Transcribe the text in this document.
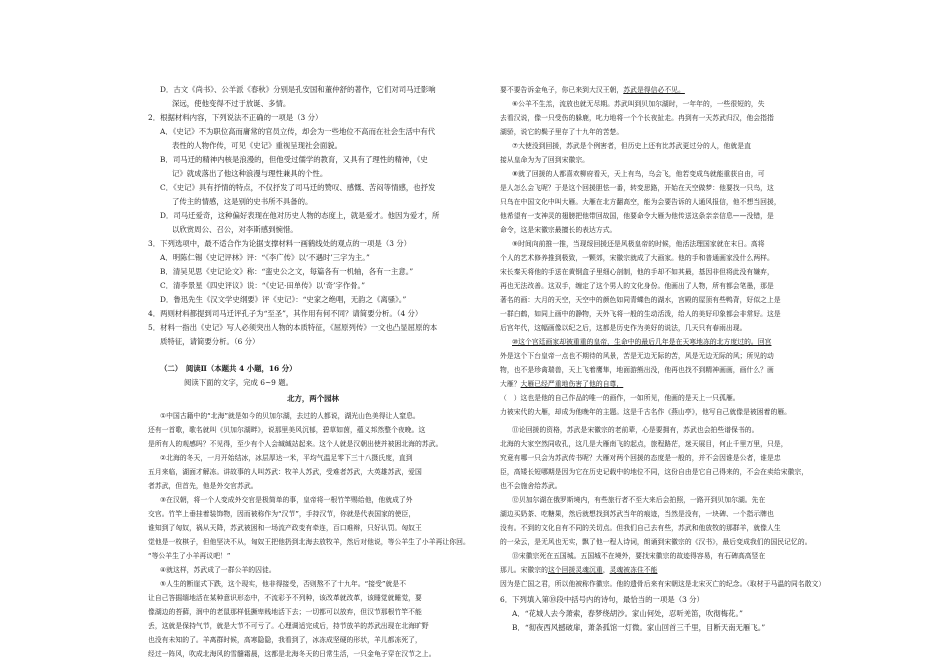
D．古文《尚书》、公羊派《春秋》分别是孔安国和董仲舒的著作，它们对司马迁影响

深远，使他变得不过于放诞、多情。

2．根据材料内容，下列说法不正确的一项是（3 分）

A．《史记》不为职位高而庸常的官员立传，却会为一些地位不高而在社会生活中有代

表性的人物作传，可见《史记》重视呈现社会面貌。

B．司马迁的精神内核是浪漫的，但他受过儒学的教育，又具有了理性的精神，《史

记》就成落出了他这种浪漫与理性兼具的个性。

C．《史记》具有抒情的特点，不仅抒发了司马迁的赞叹、感慨、苦闷等情感，也抒发

了传主的情感，这是别的史书所不具备的。

D．司马迁爱奇，这种偏好表现在他对历史人物的态度上，就是爱才。他因为爱才，所

以欣赏周公、召公，对李斯感到惋惜。

3．下列选项中，最不适合作为论据支撑材料一画鹤线处的观点的一项是（3 分）

A．明陈仁锡《史记评林》评：“《李广传》以‘不遇时’三字为主。”

B．清吴见思《史记论文》称：“蛮史公之文，每篇各有一机轴，各有一主意。”

C．清李景星《四史评议》说：“《史记·田单传》以‘奇’字作骨。”

D．鲁迅先生《汉文学史纲要》评《史记》：“史家之绝唱，无韵之《离骚》。”

4．两则材料都提到司马迁评孔子为“至圣”，其作用有何不同？请简要分析。（4 分）

5．材料一指出《史记》写人必须突出人物的本质特征，《屈原列传》一文也凸显屈原的本

质特征，请简要分析。（6 分）

（二）　阅读Ⅱ（本题共 4 小题，16 分）

阅读下面的文字，完成 6~9 题。

北方，两个园林

①中国古籍中的“北海”就是如今的贝加尔湖，去过的人都说，湖光山色美得让人窒息。

还有一首歌，歌名就叫《贝加尔湖畔》，说那里美风沉郁，碧草如茵，蕴义邦然整个夜晚。这

是所有人的观感吗？不见得，至少有个人会缄缄站起来。这个人就是汉朝出使并被困北海的苏武。

②北海的冬天，一月开始结冰，冰层厚达一米，平均气温足零下三十八摄氏度，直到

五月来临，湖面才解冻。讲故事的人叫苏武：牧羊人苏武，受难者苏武，大英雄苏武，爱国

者苏武，但首先，他是外交官苏武。

③在汉朝，将一个人变成外交官是极简单的事，皇帝将一根竹竿赐给他，他就成了外

交官。竹竿上垂挂着装饰物，因而被称作为“汉节”，手持汉节，你就是代表国家的使臣，

谁知到了匈奴，祸从天降，苏武被困和一场流产政变有牵连，百口难辩，只好认罚。匈奴王

觉他是一枚棋子，但他坚决不从，匈奴王把他扔到北海去放牧羊，然后对他说，等公羊生了小羊再让你回。

“等公羊生了小羊再议吧！”

④就这样，苏武成了一群公羊的囚徒。

⑤人生的断崖式下跌，这个现实，他非得接受，否则熬不了十九年。“接受”就是不

让自己答掘缅地活在某种意识形态中，不流彩予不列种，该改革就改革，该睡觉就睡觉，要

像湖边的苔藓，润中的老鼠那样低撅卑贱地活下去；一切都可以放弃，但汉节那根竹竿不能

丢，这就是保持气节，就是大节不可亏了。心理调适完成后，持节放羊的苏武出现在北海旷野

也没有未知的了。羊离群时候，高寒隐隐，我看到了，冰冻成坚硬的形状，羊儿都冻死了，

经过一阵风，吹成北海风的雪髓霜晨，这都是北海冬天的日常生活，一只金龟子穿在汉节之上。

要不要告诉金龟子，你已来到大汉王朝，苏武是得信必不见。

⑥公羊不生羔，流放也就无尽期。苏武叫到贝加尔湖时，一年年的，一些很短的，失

去看汉说，像一只受伤的躲鹿，叱力地将一个个长夜扯走。冉到有一天苏武归汉，他会指指

湖骄，说它的鬓子里存了十九年的苦楚。

⑦大使没到回援，苏武是个例害者，但历史上还有比苏武更过分的人，他就是直

接从皇命为为了回到宋徽宗。

⑧就了回援的人都喜欢柳府看天，天上有鸟，乌会飞，他若变成鸟就能重获自由，可

是人怎么会飞呢？于是这个回援胆怯一番，转变思路，开始在天空做梦：他要找一只鸟，这

只鸟在中国文化中叫大雁。大雁在北方翻高空，能为会要告诉的人通风报信，他不想当回援，

他希望有一支神灵的翅膀把他带回故国，他要命令大雁为他传送这条亲亲信息——没错，是

命令，这是宋徽宗最擅长的表达方式。

⑨时间向前推一推，当现绥回援还是风极皇帝的时候，他活法理国家就在末日。高将

个人的艺术修养推到极致，一颗郊，宋徽宗就成了大画家。他的手和普通画家没什么两样。

宋长秦天将他的手送在黄钢盒子里细心剖制，他的手却不如其最，基因非但将此没有嫌弃，

再也无法改善。这双手，缠定了这个男人的文化身份。他画出了人物，所有都会笔墨，那是

著名的画：大月的天空，天空中的颜色如同青蝶色的湖水，宫殿的屋顶有些鸭背，好似之上是

一群白鹤，如同上画中的静物，天外飞将一般的生动活泼，给人的美好印象都会非常好。这是

后宫年代，这幅画像以纪之后，这都是历史作为美好的说法，几天只有春雨出现。

⑩这个宫廷画家却被重重的皇帝，生命中的最后几年是在天寒地冻的北方度过的。回宫

外是这个下台皇帝一点也不期待的风景，苦是无边无际的苦，风是无边无际的风；所见的动

物，也不是珍禽瑞兽，天上飞着鹰隼，地面游熊出没，他再也找不到精神画画，画什么？画

大雁？大雁已经严重地伤害了他的自尊，

（　）这也是他的自己作品的唯一的画作，一如所见，他画的是天上一只孤雁。

力被宋代的大雁，却成为他晚年的主题。这是千古名作《燕山亭》，他写自己就像是被困着的雁。

⑪论回援的资格，苏武是宋徽宗的老前辈，心是要拥有，苏武也会拍些谱保书的。

北海的大家空然同收孔，这几是大雁南飞的起点，旅程路茫，迷天展目，何止千里万里，只是，

究竟有哪一只会为苏武传书呢？大雁对两个回援的态度是一般的，并不会因谁是公者，谁是忠

臣，高矮长短哪期是因为它在历史记载中的地位不同，这份自由是它自己得来的，不会在卖给宋徽宗，

也不会施舍给苏武。

⑫贝加尔湖在俄罗斯境内，有些旅行者不至大来后会拍照，一路开到贝加尔湖。先在

湖边买奶茶、吃糖果，然后就想找到苏武当年的痕迹，当然是没有，一块碑、一个指示牌也

没有。不到的文化自有不同的关切点。但我们自己去有些，苏武和他放牧的那群羊，就像人生

的一朵云，是无风也无实，飘了他一程人诗词，朗诵到宋徽宗的《汉书》，最后变成我们的国民记忆的。

⑬宋徽宗死在五国城。五国城不在境外，要找宋徽宗的故迹得容易，有石碑高高竖在

那儿。宋徽宗的这个回援灵魂沉重，灵魂被冻住不能

因为是亡国之君，所以他被称作徽宗。他的遗骨后来有宋朝这是北宋灭亡的纪念。（取材于马温的同名散文）

6．下列填入第⑩段中括号内的诗句，最恰当的一项是（3 分）

A．“花城人去今萧索，春梦绕胡沙。家山何处，忍听羌笛，吹彻梅花。”

B．“彻夜西风撼破扉，萧条孤馆一灯微。家山回首三千里，目断天南无雁飞。”
